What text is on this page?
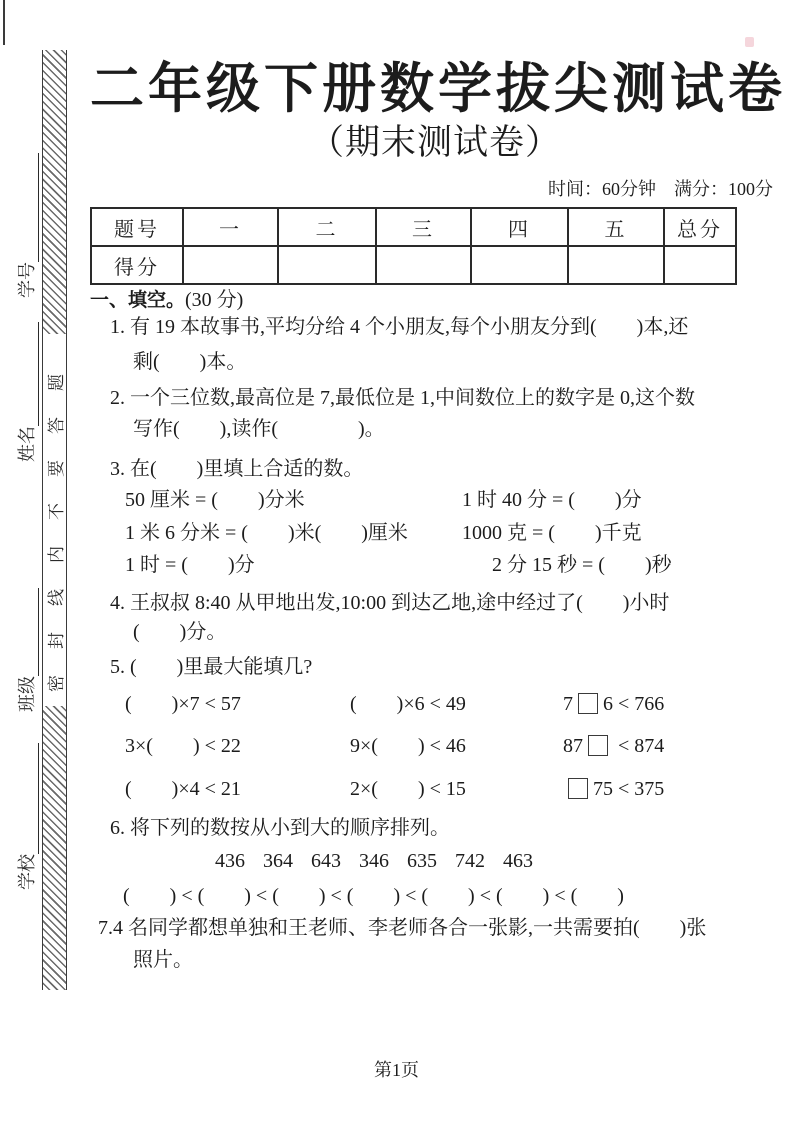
密封线内不要答题
学号
姓名
班级
学校
二年级下册数学拔尖测试卷
（期末测试卷）
时间：60分钟　满分：100分
题号	一	二	三	四	五	总分
得分						
一、填空。(30 分)
1. 有 19 本故事书,平均分给 4 个小朋友,每个小朋友分到(　　)本,还
剩(　　)本。
2. 一个三位数,最高位是 7,最低位是 1,中间数位上的数字是 0,这个数
写作(　　),读作(　　　　)。
3. 在(　　)里填上合适的数。
50 厘米 = (　　)分米	1 时 40 分 = (　　)分
1 米 6 分米 = (　　)米(　　)厘米	1000 克 = (　　)千克
1 时 = (　　)分	2 分 15 秒 = (　　)秒
4. 王叔叔 8:40 从甲地出发,10:00 到达乙地,途中经过了(　　)小时
(　　)分。
5. (　　)里最大能填几?
(　　)×7 < 57	(　　)×6 < 49	7 6 < 766
3×(　　) < 22	9×(　　) < 46	87 < 874
(　　)×4 < 21	2×(　　) < 15	75 < 375
6. 将下列的数按从小到大的顺序排列。
436 364 643 346 635 742 463
(　　) < (　　) < (　　) < (　　) < (　　) < (　　) < (　　)
7.4 名同学都想单独和王老师、李老师各合一张影,一共需要拍(　　)张
照片。
第1页
